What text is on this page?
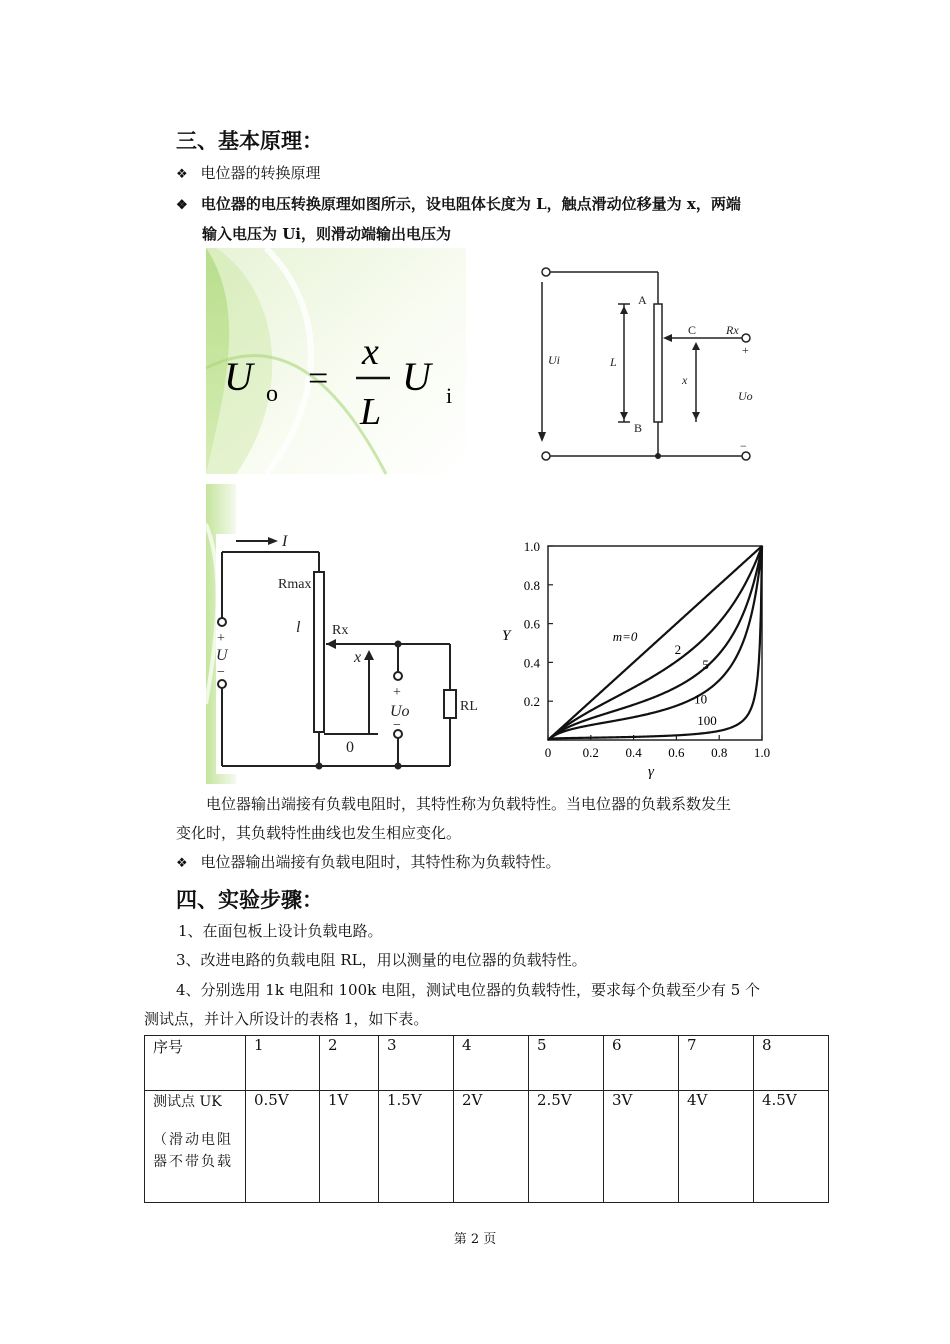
三、基本原理：
❖ 电位器的转换原理
❖ 电位器的电压转换原理如图所示，设电阻体长度为 L，触点滑动位移量为 x，两端
输入电压为 Ui，则滑动端输出电压为
U o =
x
L
U i
A
C Rx
+
Ui	L
x
Uo
B
−
I
Rmax
l Rx
+
U
−
x
+
Uo
−
0
RL	0.2
0.4
0.6
0.8
1.0
0 0.2 0.4 0.6 0.8 1.0
m=0
2
5
10
100
Y
γ
电位器输出端接有负载电阻时，其特性称为负载特性。当电位器的负载系数发生
变化时，其负载特性曲线也发生相应变化。
❖ 电位器输出端接有负载电阻时，其特性称为负载特性。
四、实验步骤：
1、在面包板上设计负载电路。
3、改进电路的负载电阻 RL，用以测量的电位器的负载特性。
4、分别选用 1k 电阻和 100k 电阻，测试电位器的负载特性，要求每个负载至少有 5 个
测试点，并计入所设计的表格 1，如下表。
序号	1	2	3	4	5	6	7	8

测试点 UK
（滑动电阻器不带负载	0.5V	1V	1.5V	2V	2.5V	3V	4V	4.5V
第 2 页
